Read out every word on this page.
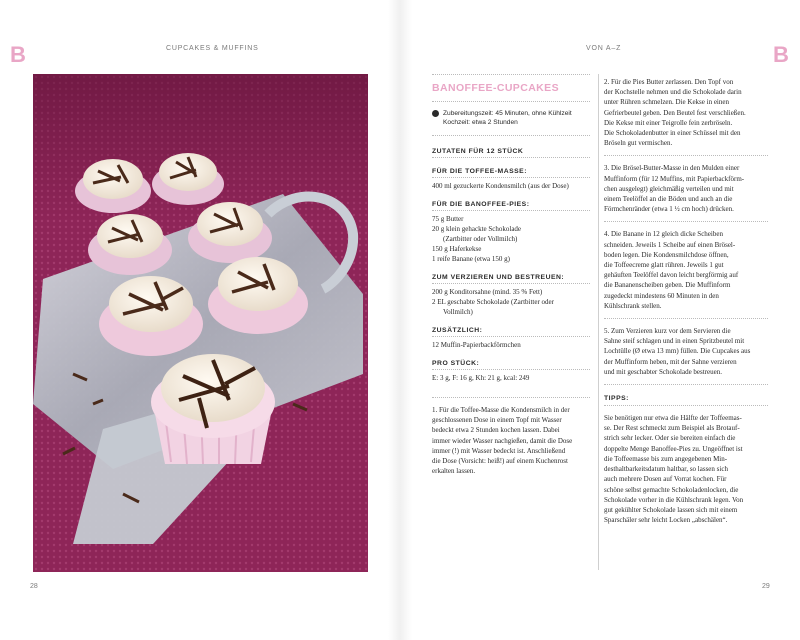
B	CUPCAKES & MUFFINS
28
VON A–Z	B
29
BANOFFEE-CUPCAKES
Zubereitungszeit: 45 Minuten, ohne Kühlzeit
Kochzeit: etwa 2 Stunden
ZUTATEN FÜR 12 STÜCK
FÜR DIE TOFFEE-MASSE:
400 ml gezuckerte Kondensmilch (aus der Dose)
FÜR DIE BANOFFEE-PIES:
75 g Butter
20 g klein gehackte Schokolade
(Zartbitter oder Vollmilch)
150 g Haferkekse
1 reife Banane (etwa 150 g)
ZUM VERZIEREN UND BESTREUEN:
200 g Konditorsahne (mind. 35 % Fett)
2 EL geschabte Schokolade (Zartbitter oder
Vollmilch)
ZUSÄTZLICH:
12 Muffin-Papierbackförmchen
PRO STÜCK:
E: 3 g, F: 16 g, Kh: 21 g, kcal: 249
1. Für die Toffee-Masse die Kondensmilch in der
geschlossenen Dose in einem Topf mit Wasser
bedeckt etwa 2 Stunden kochen lassen. Dabei
immer wieder Wasser nachgießen, damit die Dose
immer (!) mit Wasser bedeckt ist. Anschließend
die Dose (Vorsicht: heiß!) auf einem Kuchenrost
erkalten lassen.
2. Für die Pies Butter zerlassen. Den Topf von
der Kochstelle nehmen und die Schokolade darin
unter Rühren schmelzen. Die Kekse in einen
Gefrierbeutel geben. Den Beutel fest verschließen.
Die Kekse mit einer Teigrolle fein zerbröseln.
Die Schokoladenbutter in einer Schüssel mit den
Bröseln gut vermischen.
3. Die Brösel-Butter-Masse in den Mulden einer
Muffinform (für 12 Muffins, mit Papierbackförm-
chen ausgelegt) gleichmäßig verteilen und mit
einem Teelöffel an die Böden und auch an die
Förmchenränder (etwa 1 ½ cm hoch) drücken.
4. Die Banane in 12 gleich dicke Scheiben
schneiden. Jeweils 1 Scheibe auf einen Brösel-
boden legen. Die Kondensmilchdose öffnen,
die Toffeecreme glatt rühren. Jeweils 1 gut
gehäuften Teelöffel davon leicht bergförmig auf
die Bananenscheiben geben. Die Muffinform
zugedeckt mindestens 60 Minuten in den
Kühlschrank stellen.
5. Zum Verzieren kurz vor dem Servieren die
Sahne steif schlagen und in einen Spritzbeutel mit
Lochtülle (Ø etwa 13 mm) füllen. Die Cupcakes aus
der Muffinform heben, mit der Sahne verzieren
und mit geschabter Schokolade bestreuen.
TIPPS:
Sie benötigen nur etwa die Hälfte der Toffeemas-
se. Der Rest schmeckt zum Beispiel als Brotauf-
strich sehr lecker. Oder sie bereiten einfach die
doppelte Menge Banoffee-Pies zu. Ungeöffnet ist
die Toffeemasse bis zum angegebenen Min-
desthaltbarkeitsdatum haltbar, so lassen sich
auch mehrere Dosen auf Vorrat kochen. Für
schöne selbst gemachte Schokoladenlocken, die
Schokolade vorher in die Kühlschrank legen. Von
gut gekühlter Schokolade lassen sich mit einem
Sparschäler sehr leicht Locken „abschälen“.
